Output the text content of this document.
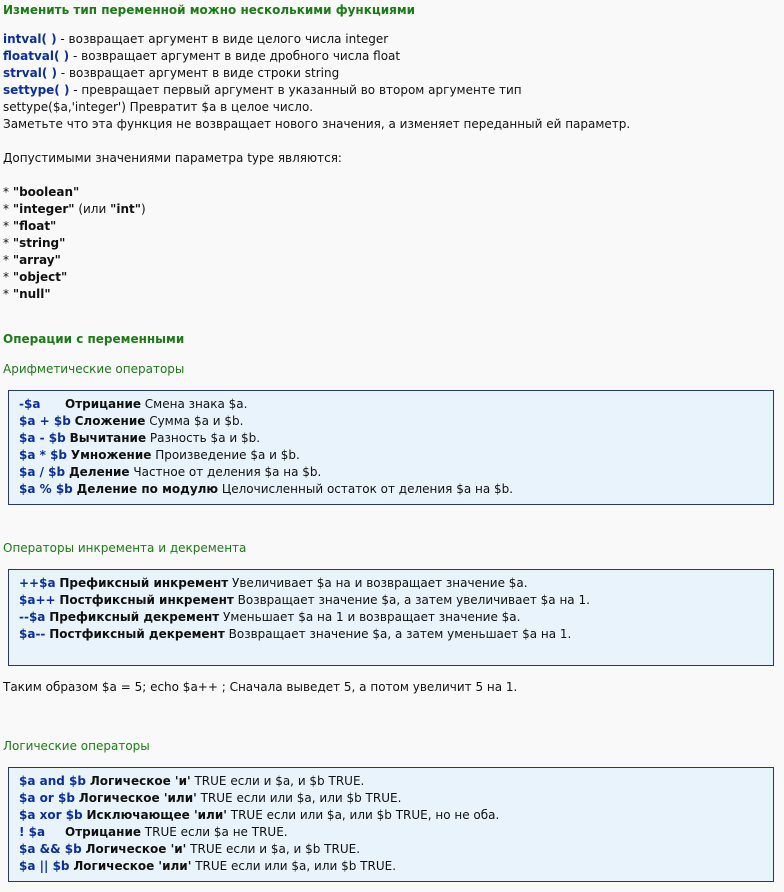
Изменить тип переменной можно несколькими функциями
intval( ) - возвращает аргумент в виде целого числа integer
floatval( ) - возвращает аргумент в виде дробного числа float
strval( ) - возвращает аргумент в виде строки string
settype( ) - превращает первый аргумент в указанный во втором аргументе тип
settype($a,'integer') Превратит $a в целое число.
Заметьте что эта функция не возвращает нового значения, а изменяет переданный ей параметр.
Допустимыми значениями параметра type являются:
* "boolean"
* "integer" (или "int")
* "float"
* "string"
* "array"
* "object"
* "null"
Операции с переменными
Арифметические операторы
-$a Отрицание Смена знака $a.
$a + $b Сложение Сумма $a и $b.
$a - $b Вычитание Разность $a и $b.
$a * $b Умножение Произведение $a и $b.
$a / $b Деление Частное от деления $a на $b.
$a % $b Деление по модулю Целочисленный остаток от деления $a на $b.
Операторы инкремента и декремента
++$a Префиксный инкремент Увеличивает $a на и возвращает значение $a.
$a++ Постфиксный инкремент Возвращает значение $a, а затем увеличивает $a на 1.
--$a Префиксный декремент Уменьшает $a на 1 и возвращает значение $a.
$a-- Постфиксный декремент Возвращает значение $a, а затем уменьшает $a на 1.
Таким образом $a = 5; echo $a++ ; Сначала выведет 5, а потом увеличит 5 на 1.
Логические операторы
$a and $b Логическое 'и' TRUE если и $a, и $b TRUE.
$a or $b Логическое 'или' TRUE если или $a, или $b TRUE.
$a xor $b Исключающее 'или' TRUE если или $a, или $b TRUE, но не оба.
! $a Отрицание TRUE если $a не TRUE.
$a && $b Логическое 'и' TRUE если и $a, и $b TRUE.
$a || $b Логическое 'или' TRUE если или $a, или $b TRUE.
